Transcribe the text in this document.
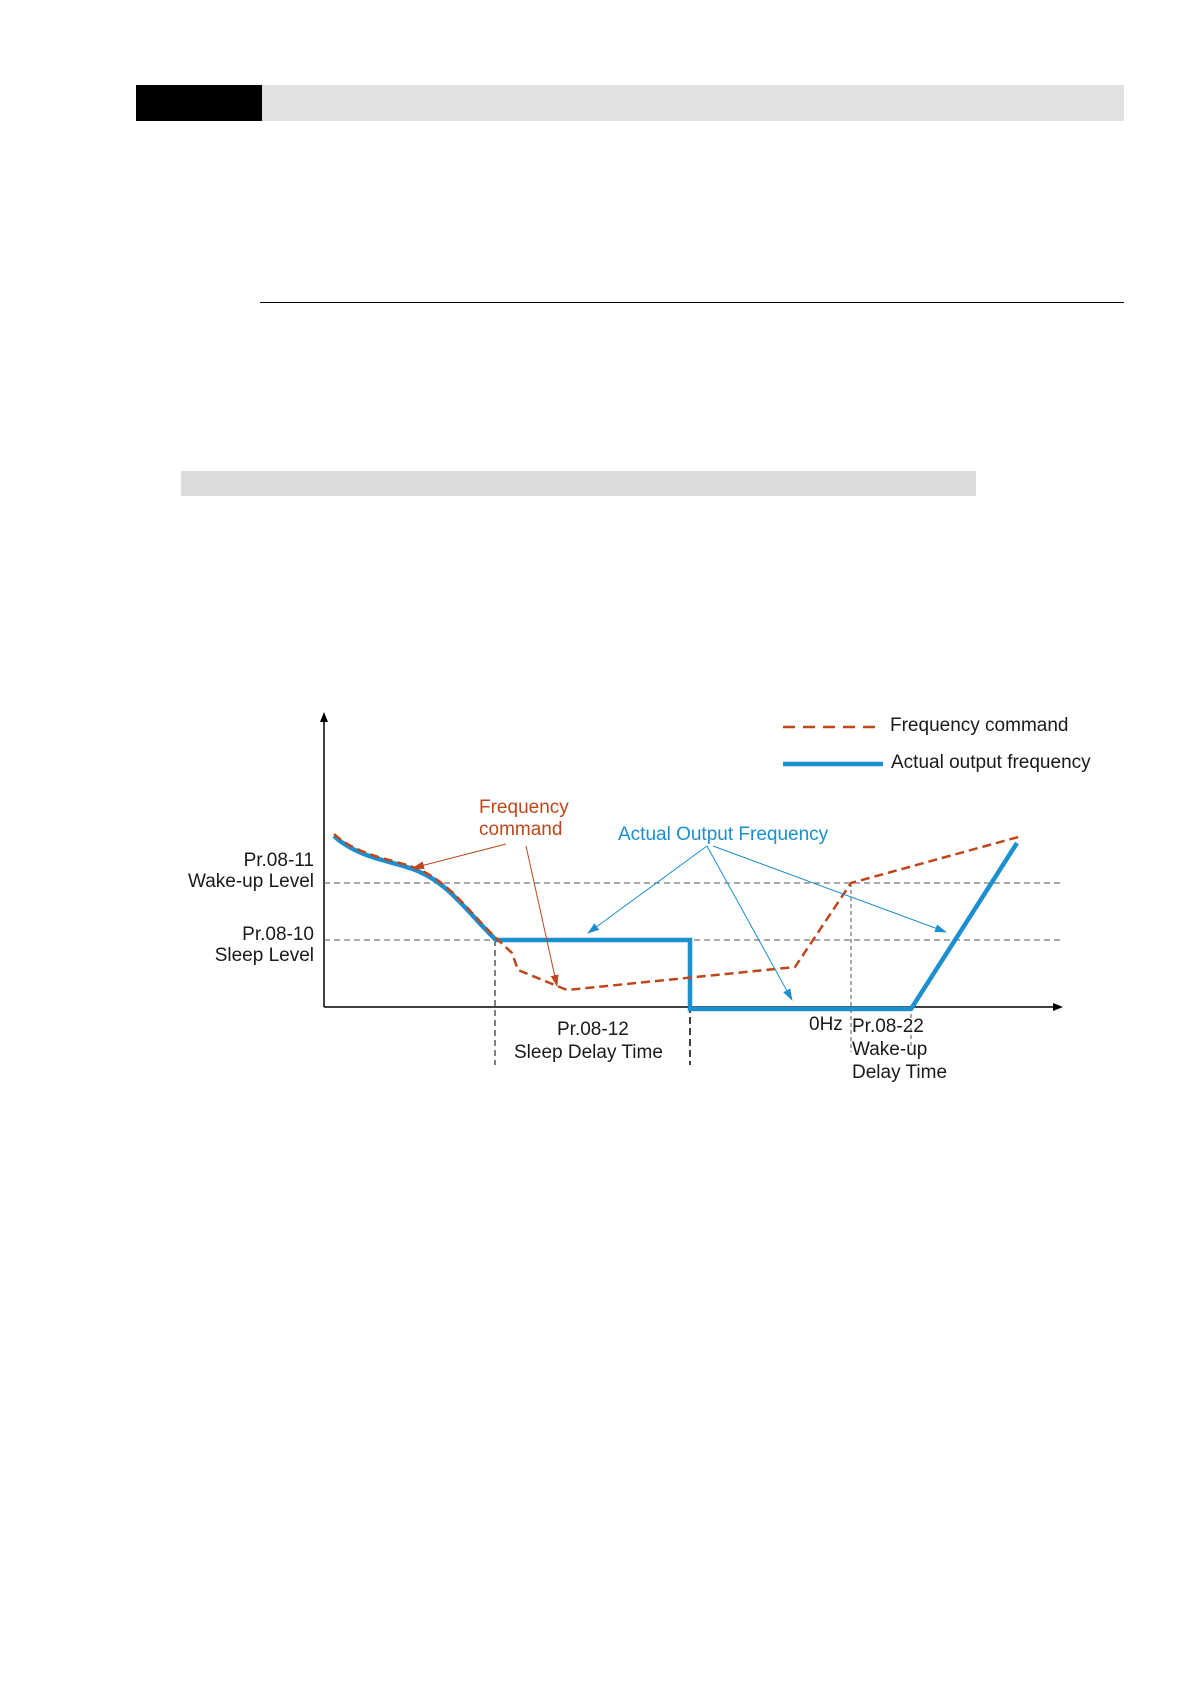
Frequency command
Actual output frequency
Frequency
command	Actual Output Frequency
Pr.08-11
Wake-up Level
Pr.08-10
Sleep Level
Pr.08-12
Sleep Delay Time
0Hz Pr.08-22
Wake-up
Delay Time
